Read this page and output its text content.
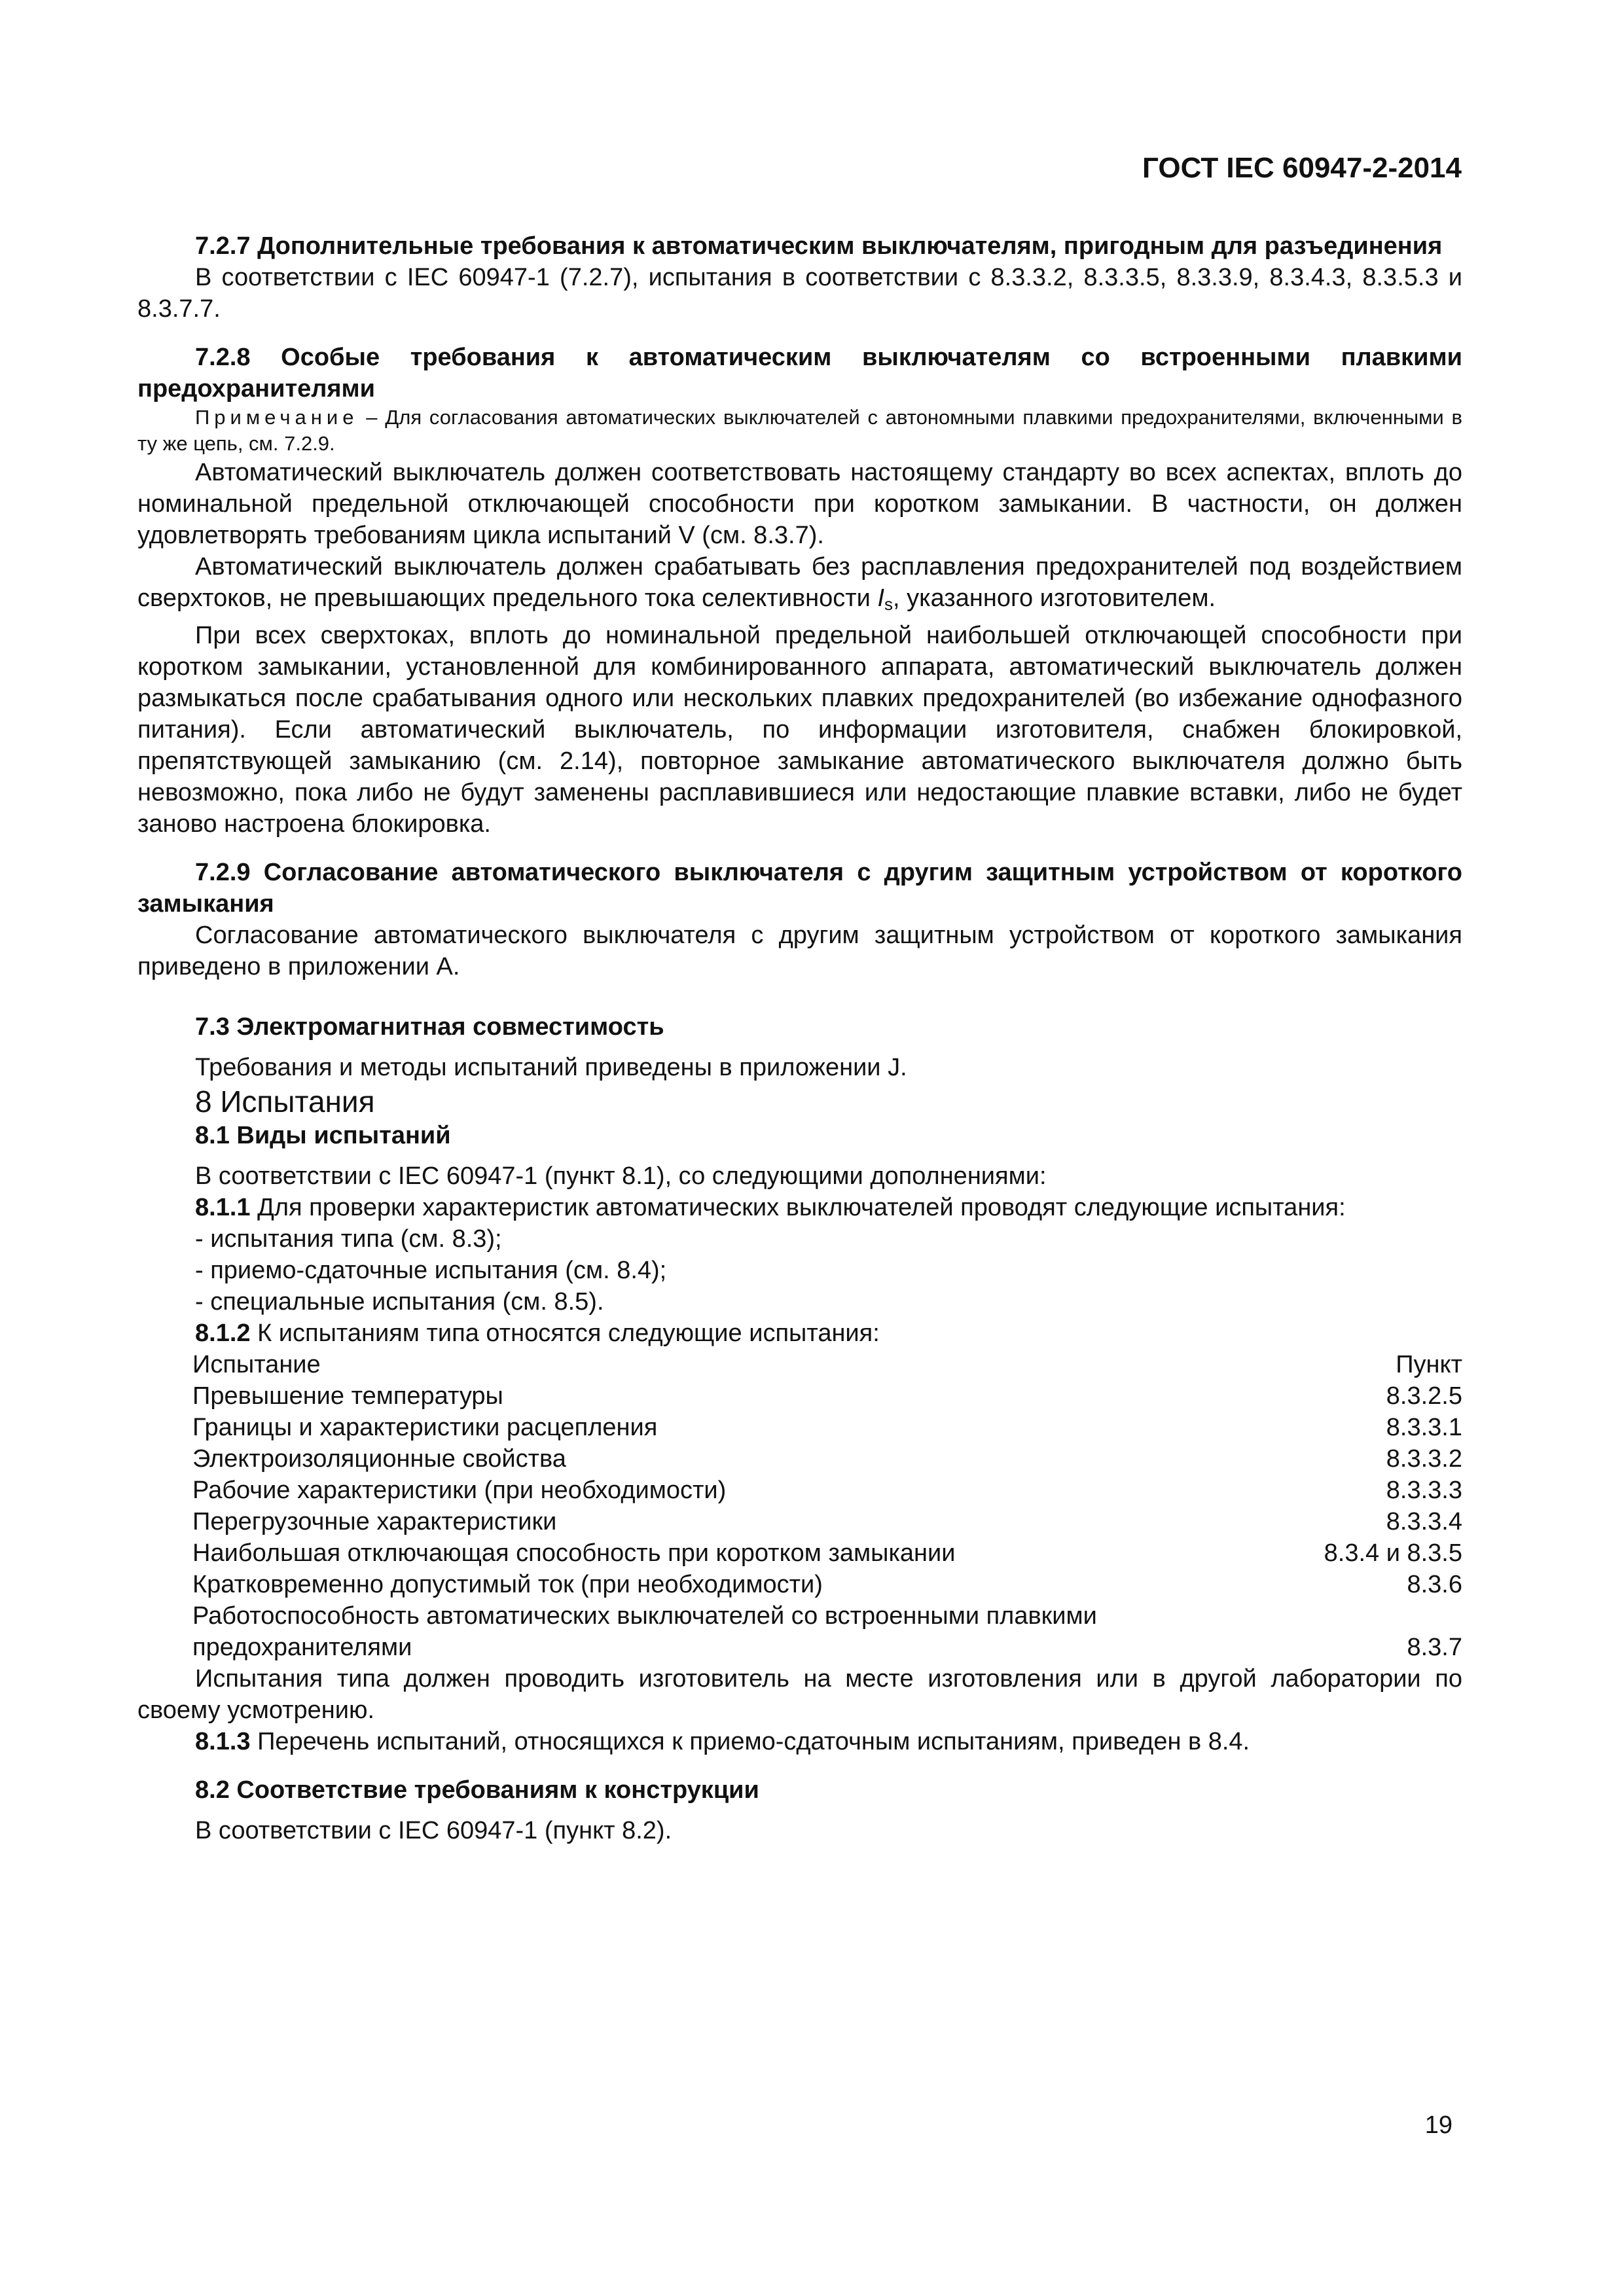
ГОСТ IEC 60947-2-2014

7.2.7 Дополнительные требования к автоматическим выключателям, пригодным для разъединения

В соответствии с IEC 60947-1 (7.2.7), испытания в соответствии с 8.3.3.2, 8.3.3.5, 8.3.3.9, 8.3.4.3, 8.3.5.3 и 8.3.7.7.

7.2.8 Особые требования к автоматическим выключателям со встроенными плавкими предохранителями

Примечание – Для согласования автоматических выключателей с автономными плавкими предохранителями, включенными в ту же цепь, см. 7.2.9.

Автоматический выключатель должен соответствовать настоящему стандарту во всех аспектах, вплоть до номинальной предельной отключающей способности при коротком замыкании. В частности, он должен удовлетворять требованиям цикла испытаний V (см. 8.3.7).

Автоматический выключатель должен срабатывать без расплавления предохранителей под воздействием сверхтоков, не превышающих предельного тока селективности $I_s$, указанного изготовителем.

При всех сверхтоках, вплоть до номинальной предельной наибольшей отключающей способности при коротком замыкании, установленной для комбинированного аппарата, автоматический выключатель должен размыкаться после срабатывания одного или нескольких плавких предохранителей (во избежание однофазного питания). Если автоматический выключатель, по информации изготовителя, снабжен блокировкой, препятствующей замыканию (см. 2.14), повторное замыкание автоматического выключателя должно быть невозможно, пока либо не будут заменены расплавившиеся или недостающие плавкие вставки, либо не будет заново настроена блокировка.

7.2.9 Согласование автоматического выключателя с другим защитным устройством от короткого замыкания

Согласование автоматического выключателя с другим защитным устройством от короткого замыкания приведено в приложении А.

7.3 Электромагнитная совместимость

Требования и методы испытаний приведены в приложении J.

8 Испытания

8.1 Виды испытаний

В соответствии с IEC 60947-1 (пункт 8.1), со следующими дополнениями:

8.1.1 Для проверки характеристик автоматических выключателей проводят следующие испытания:

- испытания типа (см. 8.3);

- приемо-сдаточные испытания (см. 8.4);

- специальные испытания (см. 8.5).

8.1.2 К испытаниям типа относятся следующие испытания:

Испытание	Пункт
Превышение температуры	8.3.2.5
Границы и характеристики расцепления	8.3.3.1
Электроизоляционные свойства	8.3.3.2
Рабочие характеристики (при необходимости)	8.3.3.3
Перегрузочные характеристики	8.3.3.4
Наибольшая отключающая способность при коротком замыкании	8.3.4 и 8.3.5
Кратковременно допустимый ток (при необходимости)	8.3.6
Работоспособность автоматических выключателей со встроенными плавкими	
предохранителями	8.3.7

Испытания типа должен проводить изготовитель на месте изготовления или в другой лаборатории по своему усмотрению.

8.1.3 Перечень испытаний, относящихся к приемо-сдаточным испытаниям, приведен в 8.4.

8.2 Соответствие требованиям к конструкции

В соответствии с IEC 60947-1 (пункт 8.2).

19
